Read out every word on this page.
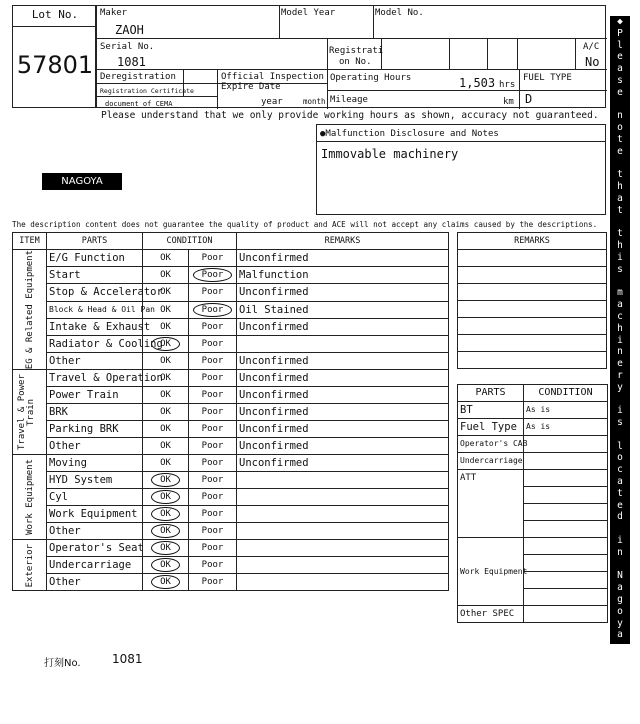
Lot No.
57801
Maker
ZAOH
Model Year	Model No.
Serial No.
1081
Registrati
on No.
A/C
No
Deregistration
Registration Certificate
document of CEMA
Official Inspection
Expire Date
year	month
Operating Hours	1,503 hrs
Mileage	km
FUEL TYPE
D
Please understand that we only provide working hours as shown, accuracy not guaranteed.
●Malfunction Disclosure and Notes
Immovable machinery
NAGOYA
The description content does not guarantee the quality of product and ACE will not accept any claims caused by the descriptions.
ITEM	PARTS	CONDITION		REMARKS

EG & Related Equipment	E/G Function	OK	Poor	Unconfirmed
	Start	OK	Poor	Malfunction
	Stop & Accelerator	OK	Poor	Unconfirmed
	Block & Head & Oil Pan	OK	Poor	Oil Stained
	Intake & Exhaust	OK	Poor	Unconfirmed
	Radiator & Cooling	OK	Poor	
	Other	OK	Poor	Unconfirmed

Travel & Power Train	Travel & Operation	OK	Poor	Unconfirmed
	Power Train	OK	Poor	Unconfirmed
	BRK	OK	Poor	Unconfirmed
	Parking BRK	OK	Poor	Unconfirmed
	Other	OK	Poor	Unconfirmed

Work Equipment	Moving	OK	Poor	Unconfirmed
	HYD System	OK	Poor	
	Cyl	OK	Poor	
	Work Equipment	OK	Poor	
	Other	OK	Poor	

Exterior	Operator's Seat	OK	Poor	
	Undercarriage	OK	Poor	
	Other	OK	Poor	
REMARKS

PARTS	CONDITION
BT	As is
Fuel Type	As is
Operator's CAB	
Undercarriage	
ATT	

Work Equipment	

Other SPEC	
打刻No.	1081
◆
P
l
e
a
s
e

n
o
t
e

t
h
a
t

t
h
i
s

m
a
c
h
i
n
e
r
y

i
s

l
o
c
a
t
e
d

i
n

N
a
g
o
y
a

Y
a
r
d
◆
◇
